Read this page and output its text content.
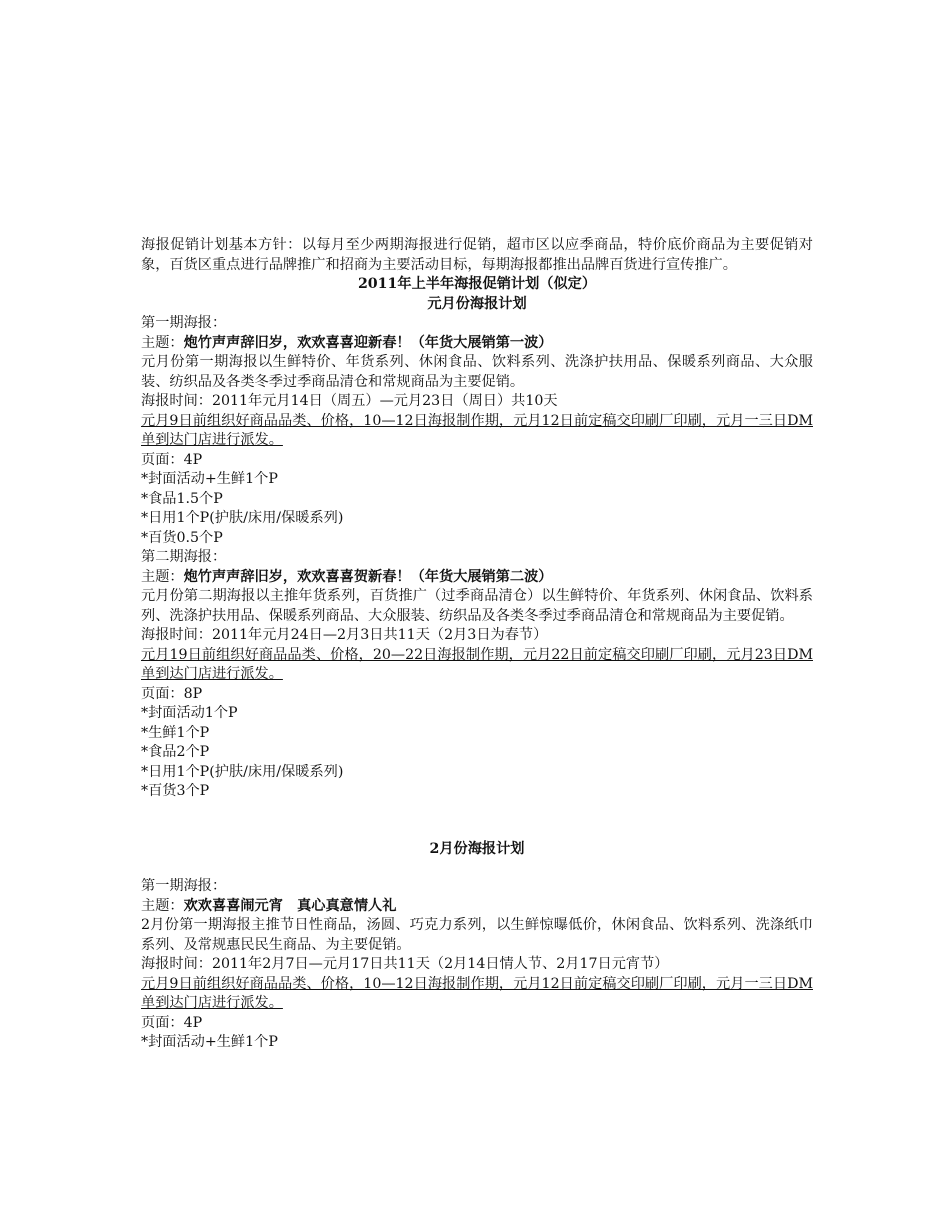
海报促销计划基本方针：以每月至少两期海报进行促销，超市区以应季商品，特价底价商品为主要促销对象，百货区重点进行品牌推广和招商为主要活动目标，每期海报都推出品牌百货进行宣传推广。

2011年上半年海报促销计划（似定）

元月份海报计划

第一期海报：

主题：炮竹声声辞旧岁，欢欢喜喜迎新春！（年货大展销第一波）

元月份第一期海报以生鲜特价、年货系列、休闲食品、饮料系列、洗涤护扶用品、保暖系列商品、大众服装、纺织品及各类冬季过季商品清仓和常规商品为主要促销。

海报时间：2011年元月14日（周五）—元月23日（周日）共10天

元月9日前组织好商品品类、价格，10—12日海报制作期，元月12日前定稿交印刷厂印刷，元月一三日DM单到达门店进行派发。

页面：4P

*封面活动+生鲜1个P

*食品1.5个P

*日用1个P(护肤/床用/保暖系列)

*百货0.5个P

第二期海报：

主题：炮竹声声辞旧岁，欢欢喜喜贺新春！（年货大展销第二波）

元月份第二期海报以主推年货系列，百货推广（过季商品清仓）以生鲜特价、年货系列、休闲食品、饮料系列、洗涤护扶用品、保暖系列商品、大众服装、纺织品及各类冬季过季商品清仓和常规商品为主要促销。

海报时间：2011年元月24日—2月3日共11天（2月3日为春节）

元月19日前组织好商品品类、价格，20—22日海报制作期，元月22日前定稿交印刷厂印刷，元月23日DM单到达门店进行派发。

页面：8P

*封面活动1个P

*生鲜1个P

*食品2个P

*日用1个P(护肤/床用/保暖系列)

*百货3个P

2月份海报计划

第一期海报：

主题：欢欢喜喜闹元宵　真心真意情人礼

2月份第一期海报主推节日性商品，汤圆、巧克力系列，以生鲜惊曝低价，休闲食品、饮料系列、洗涤纸巾系列、及常规惠民民生商品、为主要促销。

海报时间：2011年2月7日—元月17日共11天（2月14日情人节、2月17日元宵节）

元月9日前组织好商品品类、价格，10—12日海报制作期，元月12日前定稿交印刷厂印刷，元月一三日DM单到达门店进行派发。

页面：4P

*封面活动+生鲜1个P
